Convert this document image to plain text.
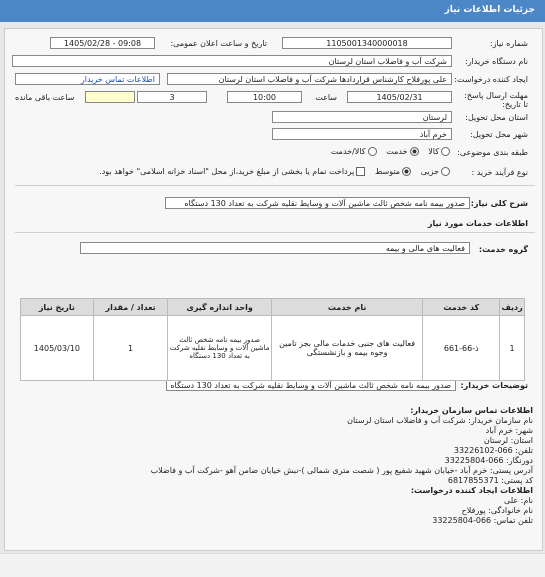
جزئیات اطلاعات نیاز
شماره نیاز:
1105001340000018
تاریخ و ساعت اعلان عمومی:
1405/02/28 - 09:08
نام دستگاه خریدار:
شرکت آب و فاضلاب استان لرستان
ایجاد کننده درخواست:
علی پورفلاح کارشناس قراردادها شرکت آب و فاضلاب استان لرستان
اطلاعات تماس خریدار
مهلت ارسال پاسخ: تا تاریخ:
1405/02/31
ساعت
10:00
3
ساعت باقی مانده
استان محل تحویل:
لرستان
شهر محل تحویل:
خرم آباد
طبقه بندی موضوعی:
کالا   خدمت   کالا/خدمت
نوع فرآیند خرید :
جزیی   متوسط   پرداخت تمام یا بخشی از مبلغ خرید،از محل "اسناد خزانه اسلامی" خواهد بود.
شرح کلی نیاز:
صدور بیمه نامه شخص ثالث ماشین آلات و وسایط نقلیه شرکت به تعداد 130 دستگاه
اطلاعات خدمات مورد نیاز
گروه خدمت:
فعالیت های مالی و بیمه
توضیحات خریدار:
صدور بیمه نامه شخص ثالث ماشین آلات و وسایط نقلیه شرکت به تعداد 130 دستگاه
ردیف	کد خدمت	نام خدمت	واحد اندازه گیری	تعداد / مقدار	تاریخ نیاز
1	ذ-66-661	فعالیت های جنبی خدمات مالی بجز تامین وجوه بیمه و بازنشستگی	صدور بیمه نامه شخص ثالث ماشین آلات و وسایط نقلیه شرکت به تعداد 130 دستگاه	1	1405/03/10
اطلاعات تماس سازمان خریدار:
نام سازمان خریدار: شرکت آب و فاضلاب استان لرستان
شهر: خرم آباد
استان: لرستان
تلفن: 066-33226102
دورنگار: 066-33225804
آدرس پستی: خرم آباد -خیابان شهید شفیع پور ( شصت متری شمالی )-نبش خیابان ضامن آهو -شرکت آب و فاضلاب
کد پستی: 6817855371
اطلاعات ایجاد کننده درخواست:
نام: علی
نام خانوادگی: پورفلاح
تلفن تماس: 066-33225804
